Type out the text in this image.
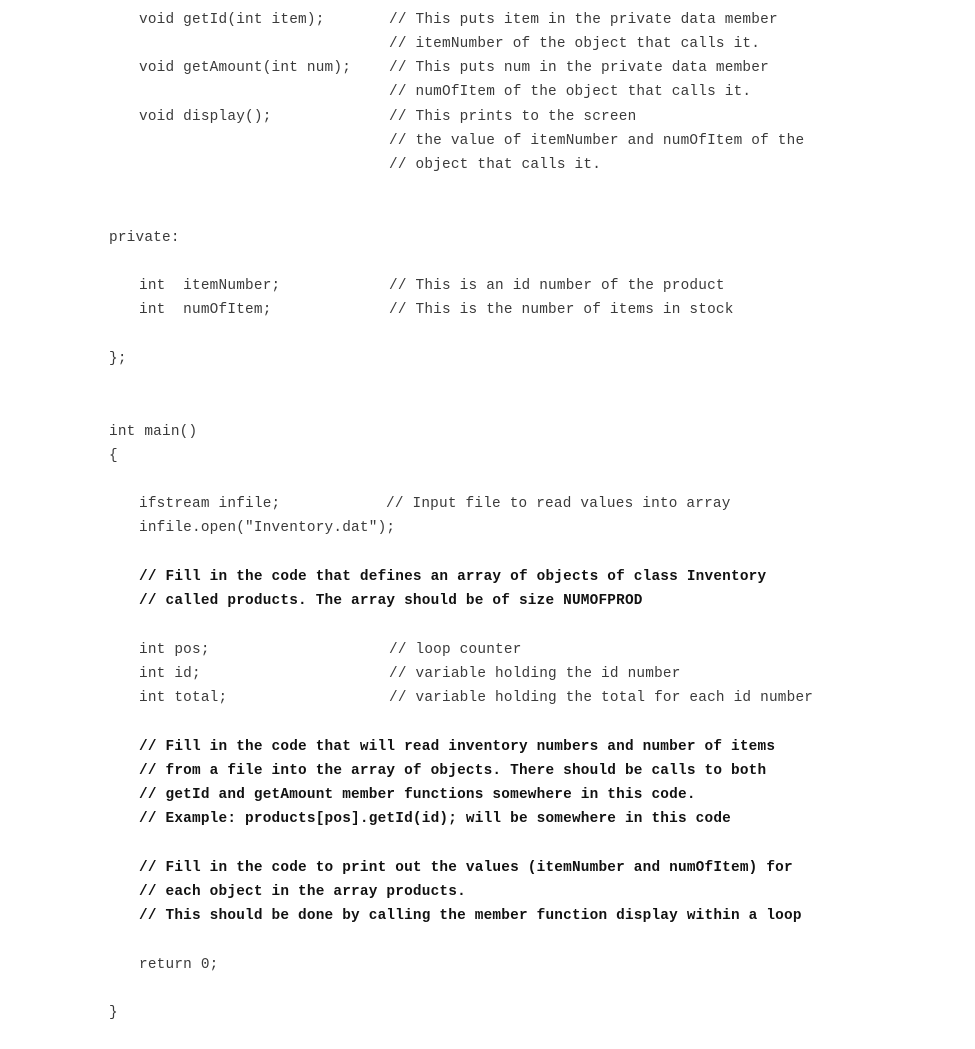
void getId(int item);	// This puts item in the private data member
// itemNumber of the object that calls it.
void getAmount(int num);	// This puts num in the private data member
// numOfItem of the object that calls it.
void display();	// This prints to the screen
// the value of itemNumber and numOfItem of the
// object that calls it.
private:
int  itemNumber;	// This is an id number of the product
int  numOfItem;	// This is the number of items in stock
};
int main()
{
ifstream infile;	// Input file to read values into array
infile.open("Inventory.dat");
// Fill in the code that defines an array of objects of class Inventory
// called products. The array should be of size NUMOFPROD
int pos;	// loop counter
int id;	// variable holding the id number
int total;	// variable holding the total for each id number
// Fill in the code that will read inventory numbers and number of items
// from a file into the array of objects. There should be calls to both
// getId and getAmount member functions somewhere in this code.
// Example: products[pos].getId(id); will be somewhere in this code
// Fill in the code to print out the values (itemNumber and numOfItem) for
// each object in the array products.
// This should be done by calling the member function display within a loop
return 0;
}
